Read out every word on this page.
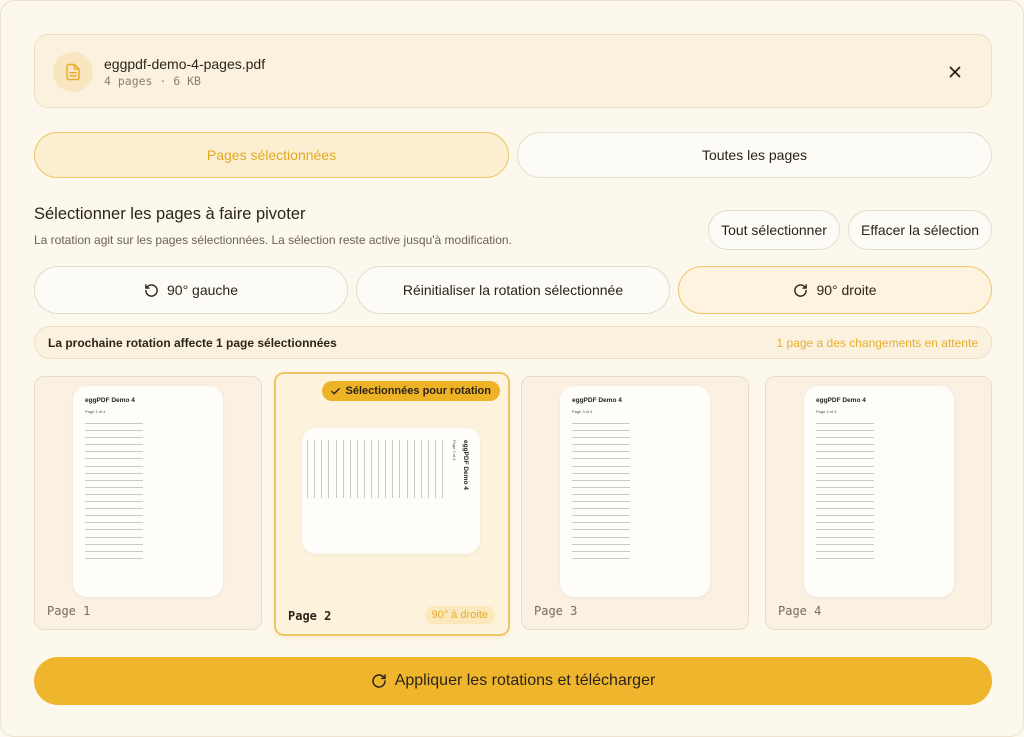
eggpdf-demo-4-pages.pdf
4 pages · 6 KB
Pages sélectionnées	Toutes les pages
Sélectionner les pages à faire pivoter
La rotation agit sur les pages sélectionnées. La sélection reste active jusqu'à modification.
Tout sélectionner	Effacer la sélection
90° gauche	Réinitialiser la rotation sélectionnée	90° droite
La prochaine rotation affecte 1 page sélectionnées	1 page a des changements en attente
eggPDF Demo 4
Page 1 of 4
Page 1
Sélectionnées pour rotation
eggPDF Demo 4
Page 2 of 4
Page 2	90° à droite
eggPDF Demo 4
Page 3 of 4
Page 3
eggPDF Demo 4
Page 4 of 4
Page 4
Appliquer les rotations et télécharger
